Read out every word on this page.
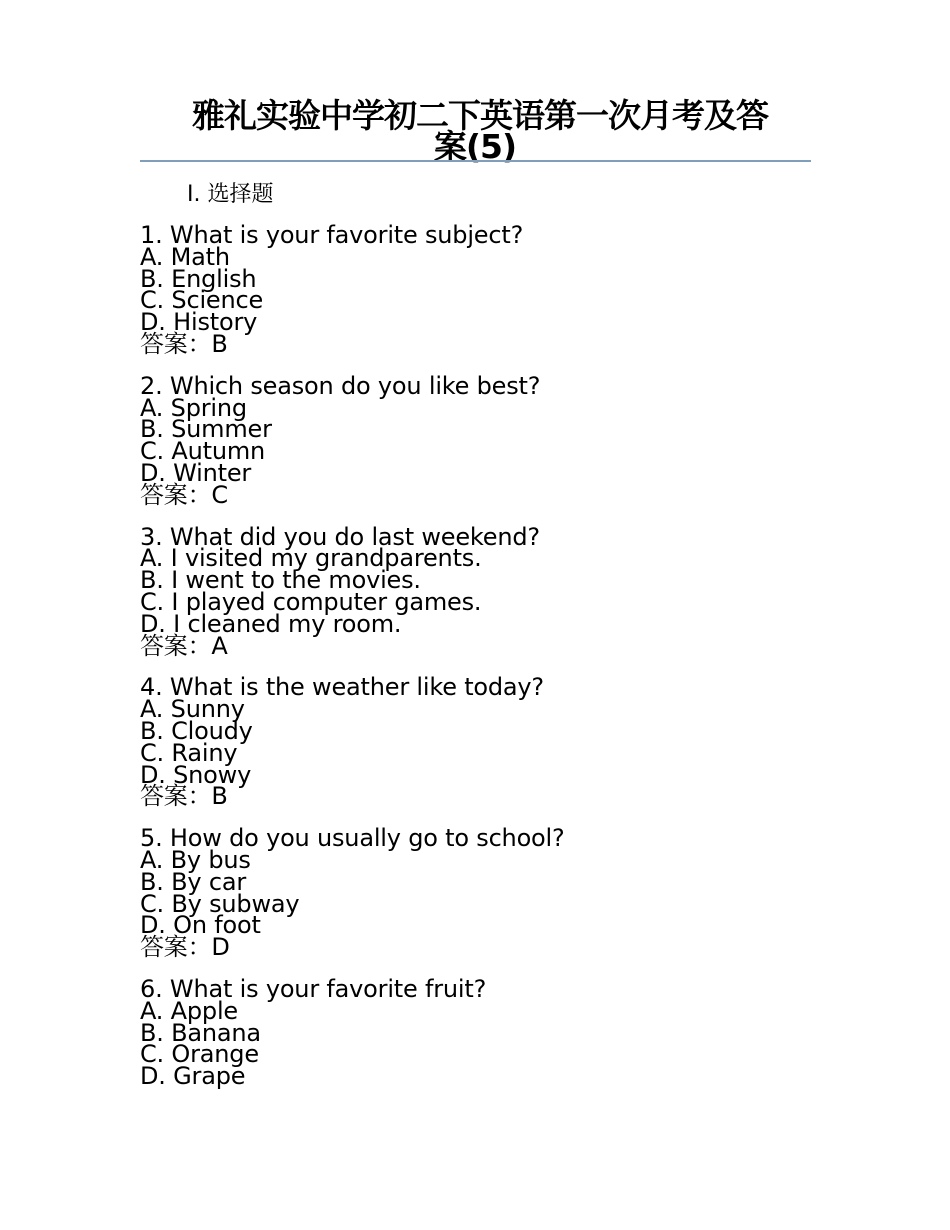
雅礼实验中学初二下英语第一次月考及答
案(5)
I. 选择题
1. What is your favorite subject?
A. Math
B. English
C. Science
D. History
答案：B
2. Which season do you like best?
A. Spring
B. Summer
C. Autumn
D. Winter
答案：C
3. What did you do last weekend?
A. I visited my grandparents.
B. I went to the movies.
C. I played computer games.
D. I cleaned my room.
答案：A
4. What is the weather like today?
A. Sunny
B. Cloudy
C. Rainy
D. Snowy
答案：B
5. How do you usually go to school?
A. By bus
B. By car
C. By subway
D. On foot
答案：D
6. What is your favorite fruit?
A. Apple
B. Banana
C. Orange
D. Grape
